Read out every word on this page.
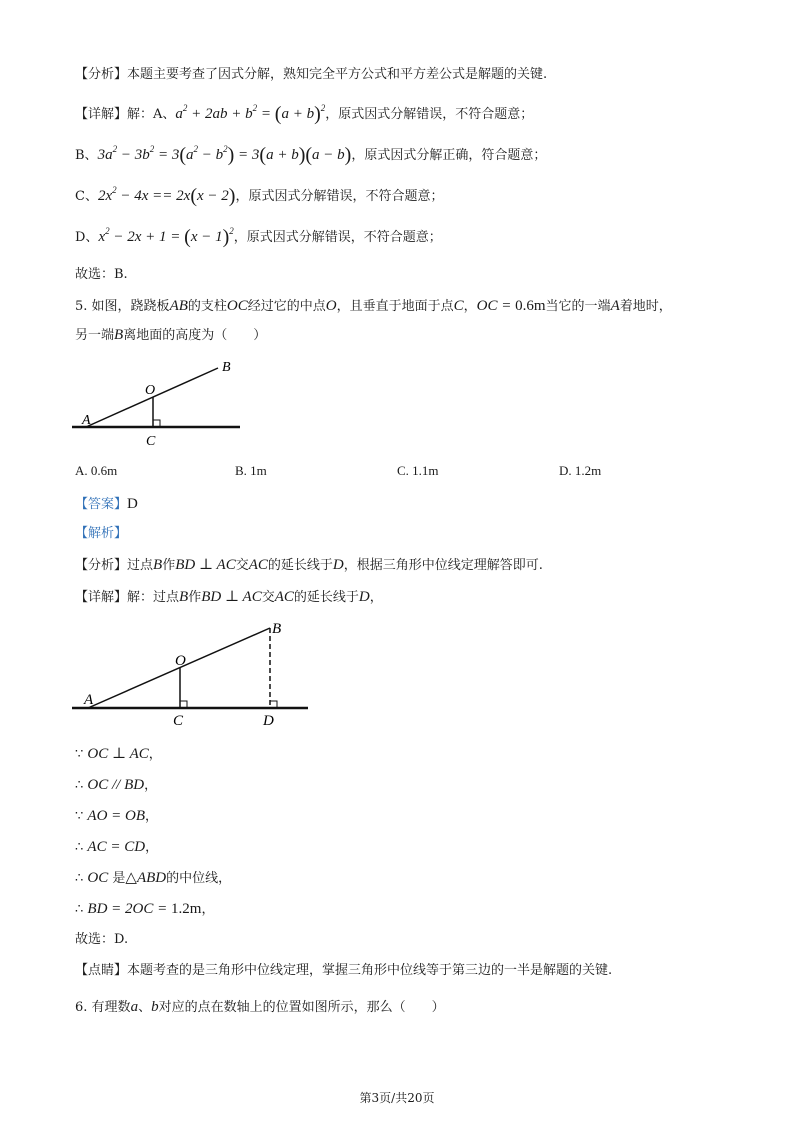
【分析】本题主要考查了因式分解，熟知完全平方公式和平方差公式是解题的关键.
【详解】解：A、$a^2 + 2ab + b^2 = (a + b)^2$，原式因式分解错误，不符合题意；
B、$3a^2 - 3b^2 = 3(a^2 - b^2) = 3(a + b)(a - b)$，原式因式分解正确，符合题意；
C、$2x^2 - 4x == 2x(x - 2)$，原式因式分解错误，不符合题意；
D、$x^2 - 2x + 1 = (x - 1)^2$，原式因式分解错误，不符合题意；
故选：B.
5. 如图，跷跷板AB的支柱OC经过它的中点O，且垂直于地面于点C，OC = 0.6m当它的一端A着地时，
另一端B离地面的高度为（　　）
A
B
O
C
A. 0.6m	B. 1m	C. 1.1m	D. 1.2m
【答案】D
【解析】
【分析】过点B作BD ⊥ AC交AC的延长线于D，根据三角形中位线定理解答即可.
【详解】解：过点B作BD ⊥ AC交AC的延长线于D，
A
B
O
C	D
∵ OC ⊥ AC，
∴ OC // BD，
∵ AO = OB，
∴ AC = CD，
∴ OC 是△ABD的中位线，
∴ BD = 2OC = 1.2m，
故选：D.
【点睛】本题考查的是三角形中位线定理，掌握三角形中位线等于第三边的一半是解题的关键.
6. 有理数a、b对应的点在数轴上的位置如图所示，那么（　　）
第3页/共20页
